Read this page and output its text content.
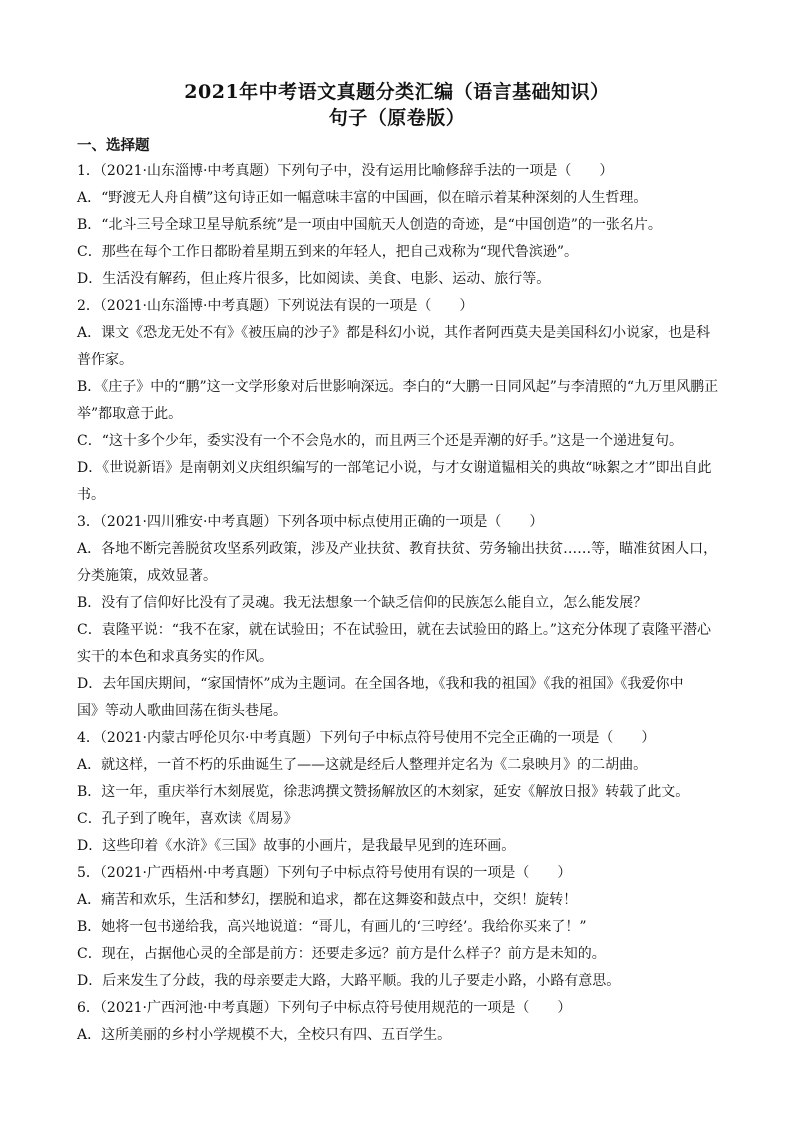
2021年中考语文真题分类汇编（语言基础知识）
句子（原卷版）
一、选择题
1．（2021·山东淄博·中考真题）下列句子中，没有运用比喻修辞手法的一项是（　　）
A．“野渡无人舟自横”这句诗正如一幅意味丰富的中国画，似在暗示着某种深刻的人生哲理。
B．“北斗三号全球卫星导航系统”是一项由中国航天人创造的奇迹，是“中国创造”的一张名片。
C．那些在每个工作日都盼着星期五到来的年轻人，把自己戏称为“现代鲁滨逊”。
D．生活没有解药，但止疼片很多，比如阅读、美食、电影、运动、旅行等。
2．（2021·山东淄博·中考真题）下列说法有误的一项是（　　）
A．课文《恐龙无处不有》《被压扁的沙子》都是科幻小说，其作者阿西莫夫是美国科幻小说家，也是科
普作家。
B．《庄子》中的“鹏”这一文学形象对后世影响深远。李白的“大鹏一日同风起”与李清照的“九万里风鹏正
举”都取意于此。
C．“这十多个少年，委实没有一个不会凫水的，而且两三个还是弄潮的好手。”这是一个递进复句。
D．《世说新语》是南朝刘义庆组织编写的一部笔记小说，与才女谢道韫相关的典故“咏絮之才”即出自此
书。
3．（2021·四川雅安·中考真题）下列各项中标点使用正确的一项是（　　）
A．各地不断完善脱贫攻坚系列政策，涉及产业扶贫、教育扶贫、劳务输出扶贫……等，瞄准贫困人口，
分类施策，成效显著。
B．没有了信仰好比没有了灵魂。我无法想象一个缺乏信仰的民族怎么能自立，怎么能发展？
C．袁隆平说：“我不在家，就在试验田；不在试验田，就在去试验田的路上。”这充分体现了袁隆平潜心
实干的本色和求真务实的作风。
D．去年国庆期间，“家国情怀”成为主题词。在全国各地，《我和我的祖国》《我的祖国》《我爱你中
国》等动人歌曲回荡在街头巷尾。
4．（2021·内蒙古呼伦贝尔·中考真题）下列句子中标点符号使用不完全正确的一项是（　　）
A．就这样，一首不朽的乐曲诞生了——这就是经后人整理并定名为《二泉映月》的二胡曲。
B．这一年，重庆举行木刻展览，徐悲鸿撰文赞扬解放区的木刻家，延安《解放日报》转载了此文。
C．孔子到了晚年，喜欢读《周易》
D．这些印着《水浒》《三国》故事的小画片，是我最早见到的连环画。
5．（2021·广西梧州·中考真题）下列句子中标点符号使用有误的一项是（　　）
A．痛苦和欢乐，生活和梦幻，摆脱和追求，都在这舞姿和鼓点中，交织！旋转！
B．她将一包书递给我，高兴地说道：“哥儿，有画儿的‘三哼经’。我给你买来了！”
C．现在，占据他心灵的全部是前方：还要走多远？前方是什么样子？前方是未知的。
D．后来发生了分歧，我的母亲要走大路，大路平顺。我的儿子要走小路，小路有意思。
6．（2021·广西河池·中考真题）下列句子中标点符号使用规范的一项是（　　）
A．这所美丽的乡村小学规模不大，全校只有四、五百学生。
